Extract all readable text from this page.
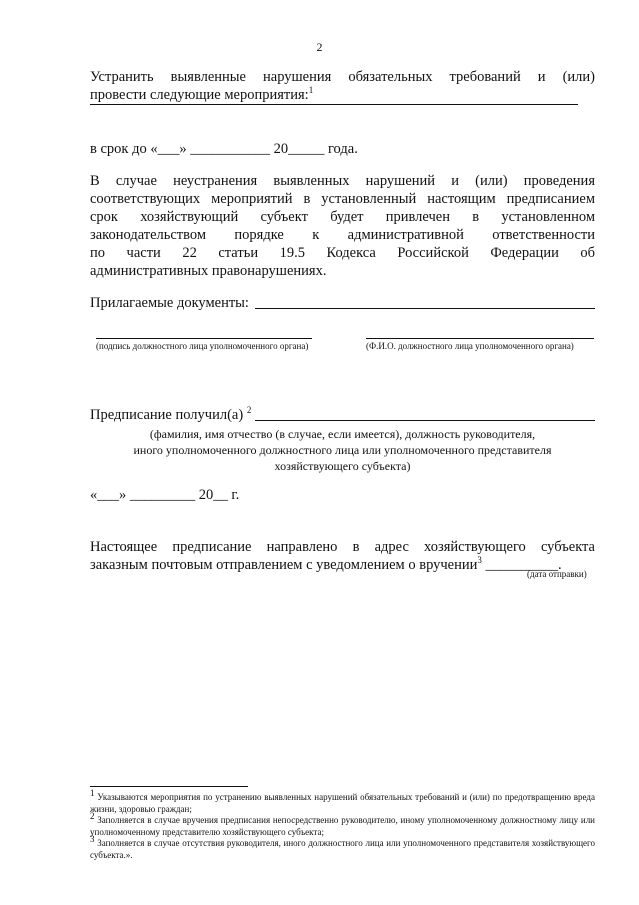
2
Устранить выявленные нарушения обязательных требований и (или)
провести следующие мероприятия:$^1$
в срок до «___» ___________ 20_____ года.
В случае неустранения выявленных нарушений и (или) проведения
соответствующих мероприятий в установленный настоящим предписанием
срок хозяйствующий субъект будет привлечен в установленном
законодательством порядке к административной ответственности
по части 22 статьи 19.5 Кодекса Российской Федерации об
административных правонарушениях.
Прилагаемые документы:
(подпись должностного лица уполномоченного органа)	(Ф.И.О. должностного лица уполномоченного органа)
Предписание получил(а) $^2$
(фамилия, имя отчество (в случае, если имеется), должность руководителя,
иного уполномоченного должностного лица или уполномоченного представителя
хозяйствующего субъекта)
«___» _________ 20__ г.
Настоящее предписание направлено в адрес хозяйствующего субъекта
заказным почтовым отправлением с уведомлением о вручении$^3$ __________.
(дата отправки)
$^1$ Указываются мероприятия по устранению выявленных нарушений обязательных требований и (или) по предотвращению вреда жизни, здоровью граждан;
$^2$ Заполняется в случае вручения предписания непосредственно руководителю, иному уполномоченному должностному лицу или уполномоченному представителю хозяйствующего субъекта;
$^3$ Заполняется в случае отсутствия руководителя, иного должностного лица или уполномоченного представителя хозяйствующего субъекта.».
